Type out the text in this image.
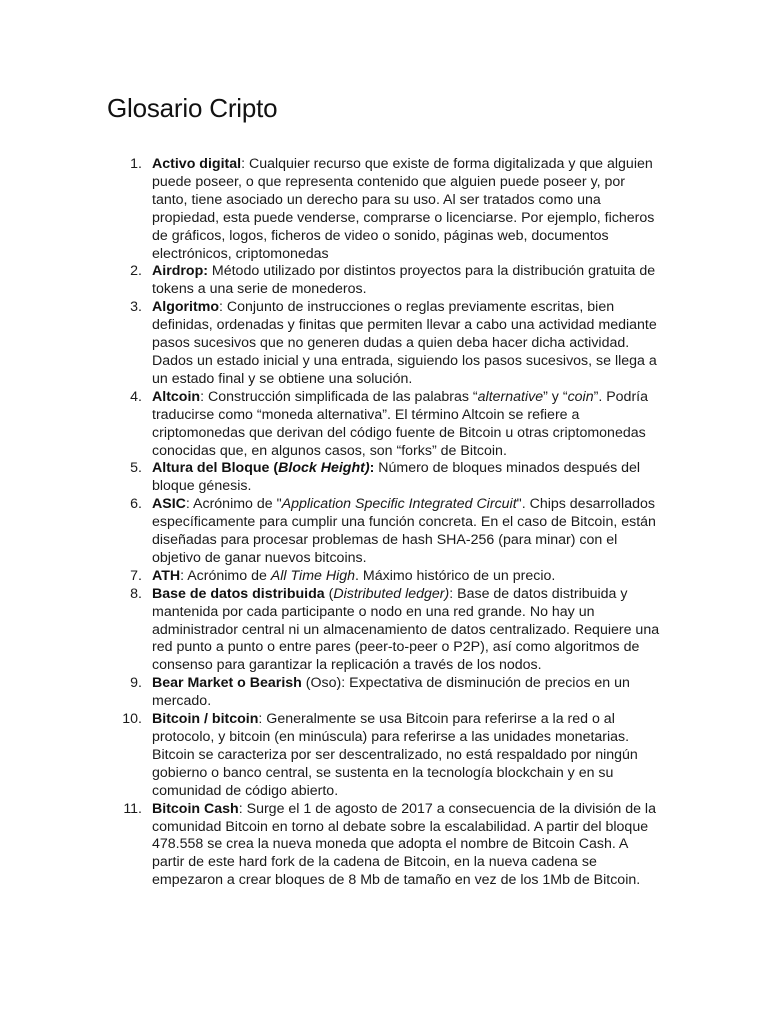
Glosario Cripto
1. Activo digital: Cualquier recurso que existe de forma digitalizada y que alguien puede poseer, o que representa contenido que alguien puede poseer y, por tanto, tiene asociado un derecho para su uso. Al ser tratados como una propiedad, esta puede venderse, comprarse o licenciarse. Por ejemplo, ficheros de gráficos, logos, ficheros de video o sonido, páginas web, documentos electrónicos, criptomonedas
2. Airdrop: Método utilizado por distintos proyectos para la distribución gratuita de tokens a una serie de monederos.
3. Algoritmo: Conjunto de instrucciones o reglas previamente escritas, bien definidas, ordenadas y finitas que permiten llevar a cabo una actividad mediante pasos sucesivos que no generen dudas a quien deba hacer dicha actividad. Dados un estado inicial y una entrada, siguiendo los pasos sucesivos, se llega a un estado final y se obtiene una solución.
4. Altcoin: Construcción simplificada de las palabras “alternative” y “coin”. Podría traducirse como “moneda alternativa”. El término Altcoin se refiere a criptomonedas que derivan del código fuente de Bitcoin u otras criptomonedas conocidas que, en algunos casos, son “forks” de Bitcoin.
5. Altura del Bloque (Block Height): Número de bloques minados después del bloque génesis.
6. ASIC: Acrónimo de "Application Specific Integrated Circuit". Chips desarrollados específicamente para cumplir una función concreta. En el caso de Bitcoin, están diseñadas para procesar problemas de hash SHA-256 (para minar) con el objetivo de ganar nuevos bitcoins.
7. ATH: Acrónimo de All Time High. Máximo histórico de un precio.
8. Base de datos distribuida (Distributed ledger): Base de datos distribuida y mantenida por cada participante o nodo en una red grande. No hay un administrador central ni un almacenamiento de datos centralizado. Requiere una red punto a punto o entre pares (peer-to-peer o P2P), así como algoritmos de consenso para garantizar la replicación a través de los nodos.
9. Bear Market o Bearish (Oso): Expectativa de disminución de precios en un mercado.
10. Bitcoin / bitcoin: Generalmente se usa Bitcoin para referirse a la red o al protocolo, y bitcoin (en minúscula) para referirse a las unidades monetarias. Bitcoin se caracteriza por ser descentralizado, no está respaldado por ningún gobierno o banco central, se sustenta en la tecnología blockchain y en su comunidad de código abierto.
11. Bitcoin Cash: Surge el 1 de agosto de 2017 a consecuencia de la división de la comunidad Bitcoin en torno al debate sobre la escalabilidad. A partir del bloque 478.558 se crea la nueva moneda que adopta el nombre de Bitcoin Cash. A partir de este hard fork de la cadena de Bitcoin, en la nueva cadena se empezaron a crear bloques de 8 Mb de tamaño en vez de los 1Mb de Bitcoin.
